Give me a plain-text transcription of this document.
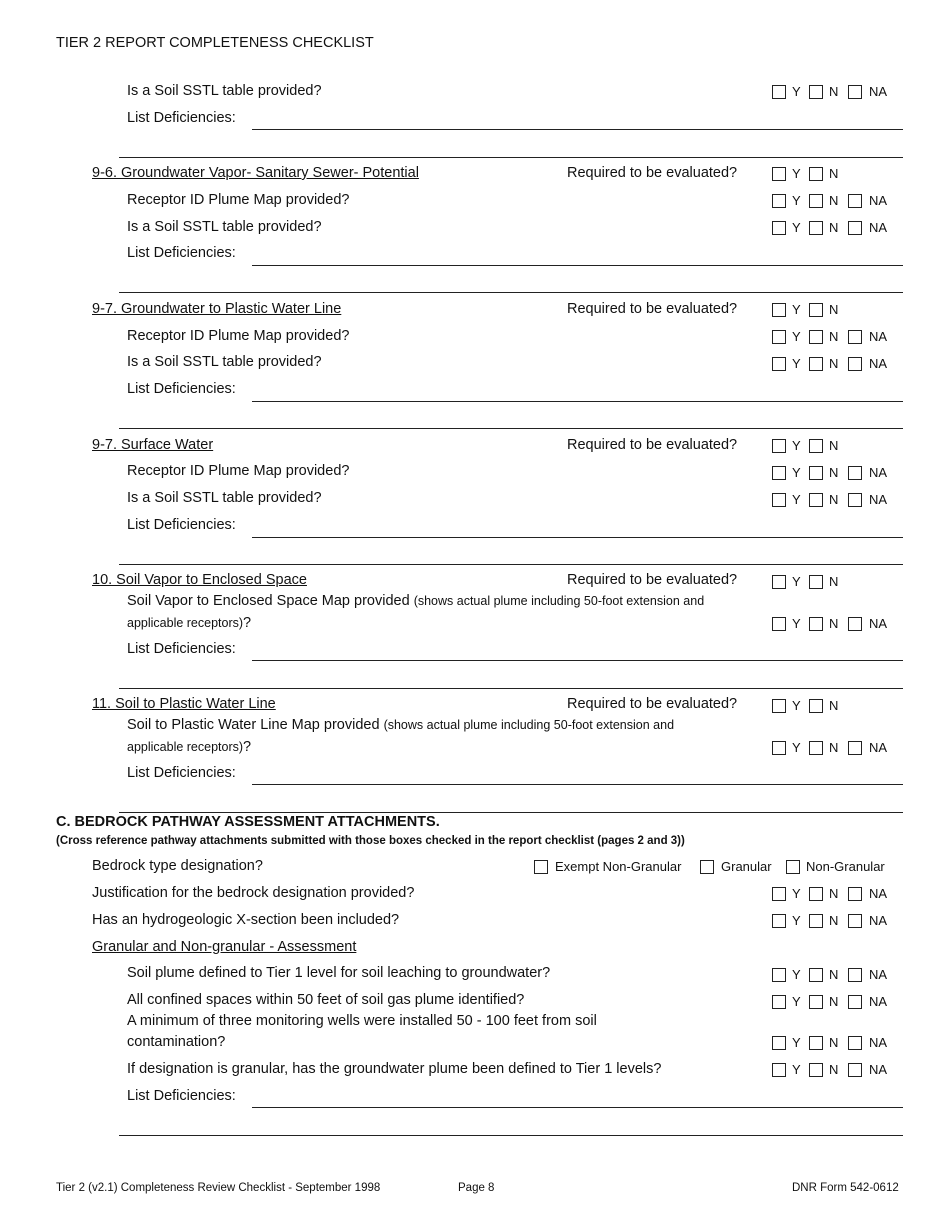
TIER 2 REPORT COMPLETENESS CHECKLIST
Is a Soil SSTL table provided?	Y N NA
List Deficiencies:
9-6. Groundwater Vapor- Sanitary Sewer- Potential	Required to be evaluated?	Y N
Receptor ID Plume Map provided?	Y N NA
Is a Soil SSTL table provided?	Y N NA
List Deficiencies:
9-7. Groundwater to Plastic Water Line	Required to be evaluated?	Y N
Receptor ID Plume Map provided?	Y N NA
Is a Soil SSTL table provided?	Y N NA
List Deficiencies:
9-7. Surface Water	Required to be evaluated?	Y N
Receptor ID Plume Map provided?	Y N NA
Is a Soil SSTL table provided?	Y N NA
List Deficiencies:
10. Soil Vapor to Enclosed Space	Required to be evaluated?	Y N
Soil Vapor to Enclosed Space Map provided (shows actual plume including 50-foot extension and
applicable receptors)?	Y N NA
List Deficiencies:
11. Soil to Plastic Water Line	Required to be evaluated?	Y N
Soil to Plastic Water Line Map provided (shows actual plume including 50-foot extension and
applicable receptors)?	Y N NA
List Deficiencies:
C. BEDROCK PATHWAY ASSESSMENT ATTACHMENTS.
(Cross reference pathway attachments submitted with those boxes checked in the report checklist (pages 2 and 3))
Bedrock type designation?	Exempt Non-Granular	Granular	Non-Granular
Justification for the bedrock designation provided?	Y N NA
Has an hydrogeologic X-section been included?	Y N NA
Granular and Non-granular - Assessment
Soil plume defined to Tier 1 level for soil leaching to groundwater?	Y N NA
All confined spaces within 50 feet of soil gas plume identified?	Y N NA
A minimum of three monitoring wells were installed 50 - 100 feet from soil
contamination?	Y N NA
If designation is granular, has the groundwater plume been defined to Tier 1 levels?	Y N NA
List Deficiencies:
Tier 2 (v2.1) Completeness Review Checklist - September 1998	Page 8	DNR Form 542-0612
